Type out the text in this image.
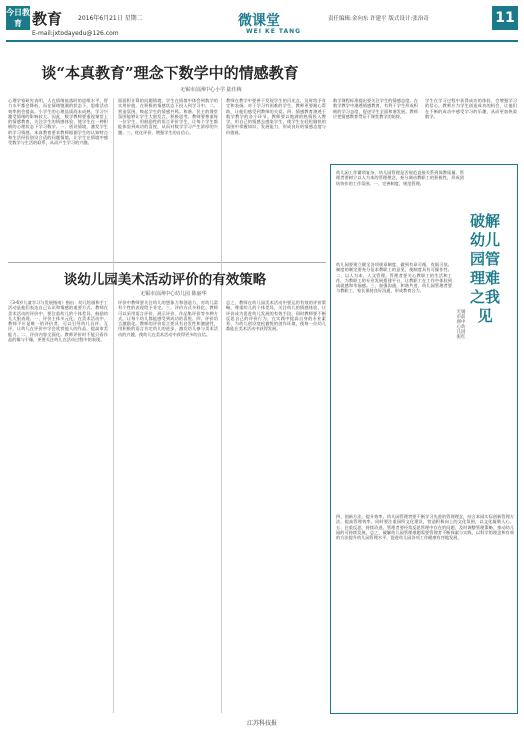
今日教育 教育	2016年6月21日 星期二
E-mail:jxtodayedu@126.com
微课堂
WEI KE TANG
责任编辑:金向东 许建平 版式设计:张治奇	11
谈“本真教育”理念下数学中的情感教育
无锡市前洲中心小学 陆佳梅
心理学家研究表明，人在情绪低落时的思维水平、智力水平都会降低，而在情绪饱满的状态下，思维活动效率则会提高。小学生的心理品质尚未成熟，学习兴趣受情绪的影响较大。因此，数学教师要重视课堂上的情感教育，关注学生的情感体验，使学生在一种积极的心理状态下学习数学。一、创设情境，激发学生的学习情感。本真教育要求教师根据学生的认知特点和生活经验创设合适的问题情境，让学生在情境中感受数学与生活的联系，从而产生学习的兴趣。
面面积计算的问题情境，学生在情境中体会到数学的实用价值，在积极的情感状态下投入到学习中。二、营造氛围，唤起学生的情感共鸣。和谐、民主的课堂氛围能够让学生大胆发言，积极思考。教师要尊重每一位学生，用鼓励性的语言评价学生，让每个学生都能体验到成功的喜悦，从而对数学学习产生浓厚的兴趣。三、优化评价，增强学生的自信心。
教师在教学中要善于发现学生的闪光点，及时给予肯定和表扬。对于学习有困难的学生，教师更要耐心帮助，让他们感受到教师的关爱。四、情感教育渗透于数学教学的各个环节。教师要以饱满的热情投入教学，用自己的情感去感染学生，使学生在轻松愉快的氛围中掌握知识，发展能力，形成良好的情感态度与价值观。
数学课程标准提出要关注学生的情感态度。在数学教学中渗透情感教育，有利于学生形成积极的学习态度，促进学生全面和谐发展。教师应把情感教育贯穿于课堂教学的始终。
学生在学习过程中获得成功的体验，会增强学习的信心。教师应为学生创造成功的机会，让他们在不断的成功中感受学习的乐趣，从而更加热爱数学。
破解幼儿园管理难之我见
无锡市前洲中心幼儿园 张红
幼儿园工作繁琐复杂，幼儿园管理是否规范直接关系到保教质量。管理者要树立以人为本的管理理念，充分调动教职工的积极性，形成团结协作的工作氛围。一、完善制度，规范管理。
幼儿园要建立健全各项规章制度，做到有章可循，有据可依。制度的制定要充分征求教职工的意见，使制度具有可操作性。二、以人为本，人文管理。管理者要关心教职工的生活和工作，为教职工的专业发展搭建平台，让教职工在工作中体验到成就感和幸福感。三、加强沟通，和谐共进。幼儿园管理者要与教职工、家长保持良好沟通，形成教育合力。
四、创新方法，提升效率。幼儿园管理者要不断学习先进的管理理念，结合本园实际创新管理方法，提高管理效率。同时要注重园所文化建设，营造积极向上的文化氛围，以文化凝聚人心。五、注重反思，持续改进。管理者要经常反思管理中存在的问题，及时调整管理策略，推动幼儿园的可持续发展。总之，破解幼儿园管理难题需要管理者不断探索与实践，以科学的理念和有效的方法提升幼儿园管理水平，促进幼儿园各项工作健康有序地发展。
谈幼儿园美术活动评价的有效策略
无锡市前洲中心幼儿园 陈丽华
《3-6岁儿童学习与发展指南》指出：幼儿绘画和手工活动是他们表达自己认识和情感的重要方式。教师在美术活动的评价中，要注重幼儿的个体差异，鼓励幼儿大胆表现。一、评价主体多元化。在美术活动中，教师不应是唯一的评价者，可以引导幼儿自评、互评，让幼儿在评价中学会欣赏他人的作品，提高审美能力。二、评价内容全面化。教师评价时不能只看作品的像与不像，更要关注幼儿在活动过程中的表现。
评价中教师要关注幼儿的想象力和创造力，对幼儿富有个性的表现给予肯定。三、评价方式多样化。教师可以采用语言评价、展示评价、作品集评价等多种方式，让每个幼儿都能感受到成功的喜悦。四、评价语言激励化。教师的评价语言要具有启发性和激励性，用积极的语言肯定幼儿的进步，激发幼儿参与美术活动的兴趣，使幼儿在美术活动中获得更多的自信。
总之，教师在幼儿园美术活动中要运用有效的评价策略，尊重幼儿的个体差异，关注幼儿的情感体验，让评价成为促进幼儿发展的有效手段。同时教师要不断反思自己的评价行为，在实践中提高自身的专业素养，为幼儿创设宽松愉悦的创作环境，使每一位幼儿都能在美术活动中获得发展。
江苏科技报
